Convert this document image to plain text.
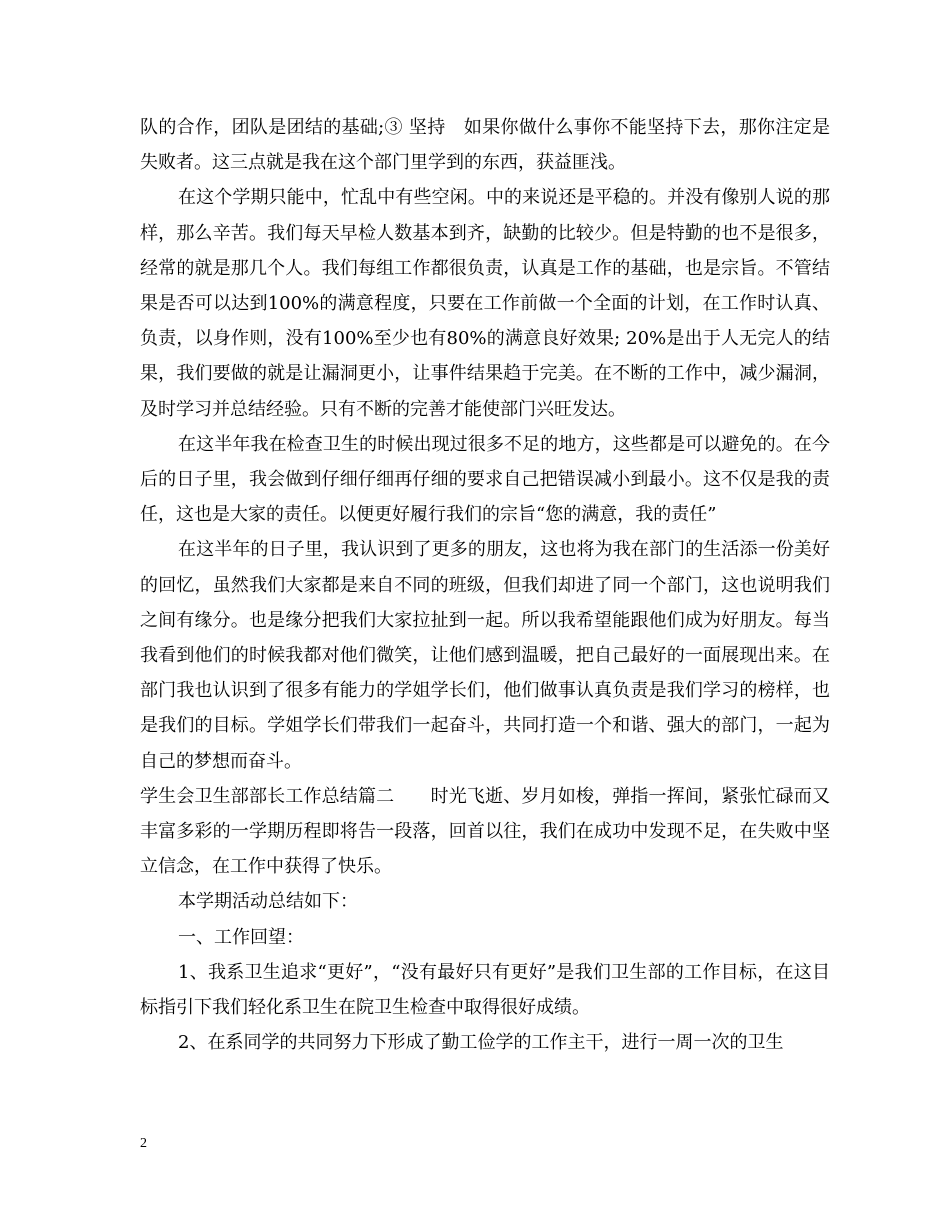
队的合作，团队是团结的基础;③ 坚持　如果你做什么事你不能坚持下去，那你注定是失败者。这三点就是我在这个部门里学到的东西，获益匪浅。

在这个学期只能中，忙乱中有些空闲。中的来说还是平稳的。并没有像别人说的那样，那么辛苦。我们每天早检人数基本到齐，缺勤的比较少。但是特勤的也不是很多，经常的就是那几个人。我们每组工作都很负责，认真是工作的基础，也是宗旨。不管结果是否可以达到100%的满意程度，只要在工作前做一个全面的计划，在工作时认真、负责，以身作则，没有100%至少也有80%的满意良好效果; 20%是出于人无完人的结果，我们要做的就是让漏洞更小，让事件结果趋于完美。在不断的工作中，减少漏洞，及时学习并总结经验。只有不断的完善才能使部门兴旺发达。

在这半年我在检查卫生的时候出现过很多不足的地方，这些都是可以避免的。在今后的日子里，我会做到仔细仔细再仔细的要求自己把错误减小到最小。这不仅是我的责任，这也是大家的责任。以便更好履行我们的宗旨“您的满意，我的责任”

在这半年的日子里，我认识到了更多的朋友，这也将为我在部门的生活添一份美好的回忆，虽然我们大家都是来自不同的班级，但我们却进了同一个部门，这也说明我们之间有缘分。也是缘分把我们大家拉扯到一起。所以我希望能跟他们成为好朋友。每当我看到他们的时候我都对他们微笑，让他们感到温暖，把自己最好的一面展现出来。在部门我也认识到了很多有能力的学姐学长们，他们做事认真负责是我们学习的榜样，也是我们的目标。学姐学长们带我们一起奋斗，共同打造一个和谐、强大的部门，一起为自己的梦想而奋斗。

学生会卫生部部长工作总结篇二　　时光飞逝、岁月如梭，弹指一挥间，紧张忙碌而又丰富多彩的一学期历程即将告一段落，回首以往，我们在成功中发现不足，在失败中坚立信念，在工作中获得了快乐。

本学期活动总结如下：

一、工作回望：

1、我系卫生追求“更好”，“没有最好只有更好”是我们卫生部的工作目标，在这目标指引下我们轻化系卫生在院卫生检查中取得很好成绩。

2、在系同学的共同努力下形成了勤工俭学的工作主干，进行一周一次的卫生

2
